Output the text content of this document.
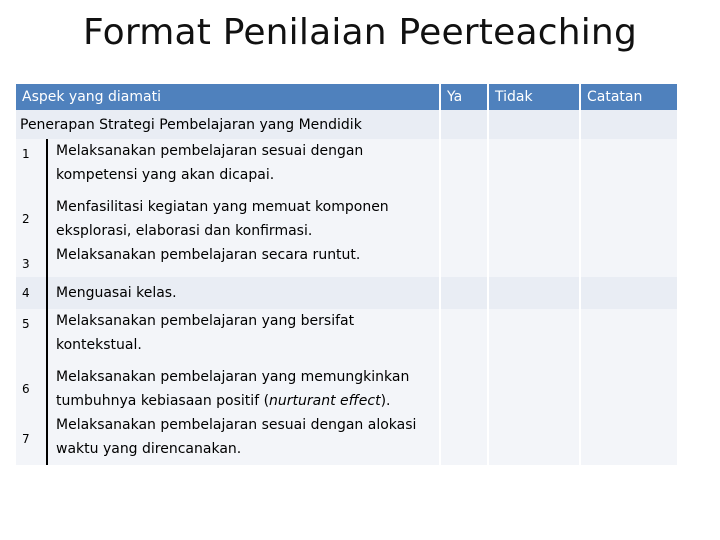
Format Penilaian Peerteaching
Aspek yang diamati		Ya	Tidak	Catatan
Penerapan Strategi Pembelajaran yang Mendidik				
1	Melaksanakan pembelajaran sesuai dengan
kompetensi yang akan dicapai.			
2	Menfasilitasi kegiatan yang memuat komponen
eksplorasi, elaborasi dan konfirmasi.			
3	Melaksanakan pembelajaran secara runtut.			
4	Menguasai kelas.			
5	Melaksanakan pembelajaran yang bersifat
kontekstual.			
6	Melaksanakan pembelajaran yang memungkinkan
tumbuhnya kebiasaan positif (nurturant effect).			
7	Melaksanakan pembelajaran sesuai dengan alokasi
waktu yang direncanakan.			
